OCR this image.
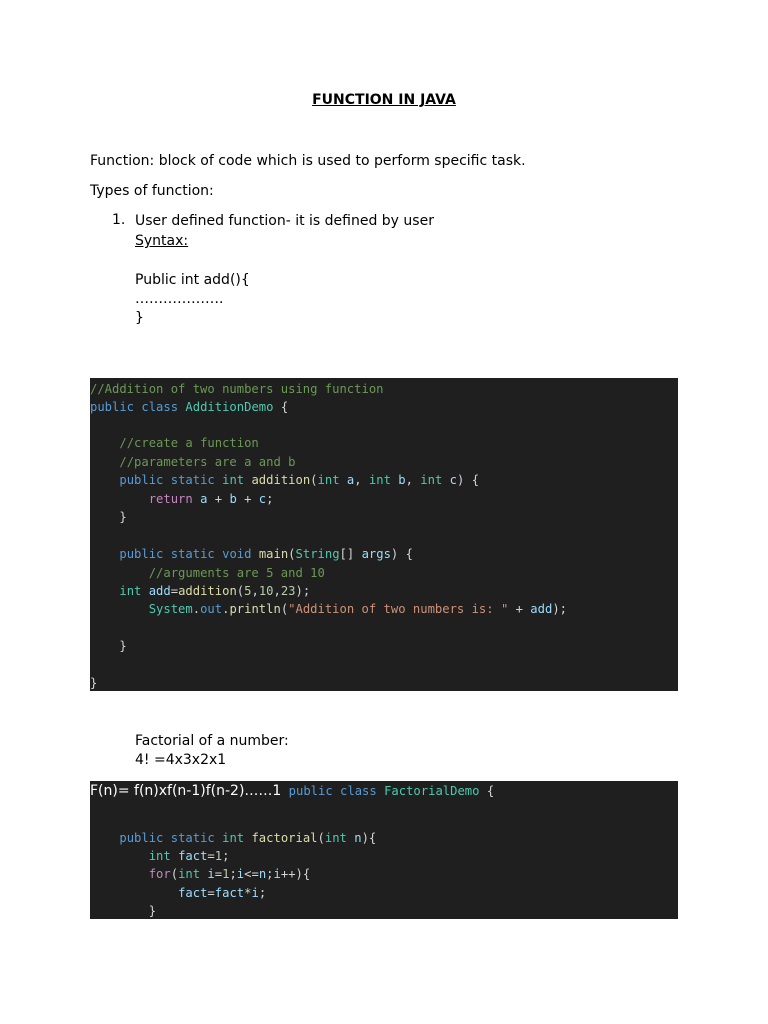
FUNCTION IN JAVA
Function: block of code which is used to perform specific task.
Types of function:
1. User defined function- it is defined by user
Syntax:
Public int add(){
……………….
}
//Addition of two numbers using function
public class AdditionDemo {
//create a function
//parameters are a and b
public static int addition(int a, int b, int c) {
return a + b + c;
}
public static void main(String[] args) {
//arguments are 5 and 10
int add=addition(5,10,23);
System.out.println("Addition of two numbers is: " + add);
}
}
Factorial of a number:
4! =4x3x2x1
F(n)= f(n)xf(n-1)f(n-2)……1 public class FactorialDemo {
public static int factorial(int n){
int fact=1;
for(int i=1;i<=n;i++){
fact=fact*i;
}
